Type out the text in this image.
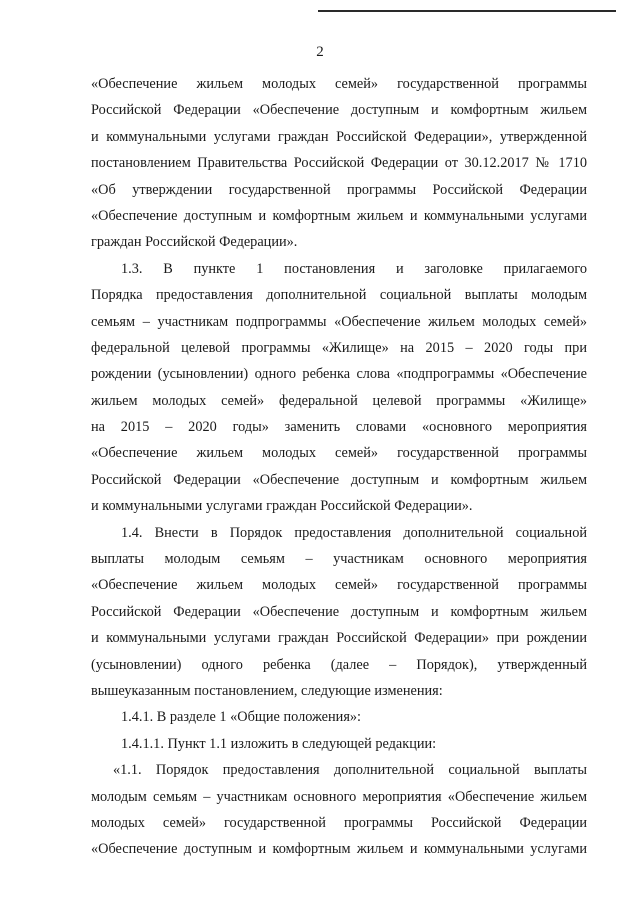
2
«Обеспечение жильем молодых семей» государственной программы
Российской Федерации «Обеспечение доступным и комфортным жильем
и коммунальными услугами граждан Российской Федерации», утвержденной
постановлением Правительства Российской Федерации от 30.12.2017 № 1710
«Об утверждении государственной программы Российской Федерации
«Обеспечение доступным и комфортным жильем и коммунальными услугами
граждан Российской Федерации».
1.3. В пункте 1 постановления и заголовке прилагаемого
Порядка предоставления дополнительной социальной выплаты молодым
семьям – участникам подпрограммы «Обеспечение жильем молодых семей»
федеральной целевой программы «Жилище» на 2015 – 2020 годы при
рождении (усыновлении) одного ребенка слова «подпрограммы «Обеспечение
жильем молодых семей» федеральной целевой программы «Жилище»
на 2015 – 2020 годы» заменить словами «основного мероприятия
«Обеспечение жильем молодых семей» государственной программы
Российской Федерации «Обеспечение доступным и комфортным жильем
и коммунальными услугами граждан Российской Федерации».
1.4. Внести в Порядок предоставления дополнительной социальной
выплаты молодым семьям – участникам основного мероприятия
«Обеспечение жильем молодых семей» государственной программы
Российской Федерации «Обеспечение доступным и комфортным жильем
и коммунальными услугами граждан Российской Федерации» при рождении
(усыновлении) одного ребенка (далее – Порядок), утвержденный
вышеуказанным постановлением, следующие изменения:
1.4.1. В разделе 1 «Общие положения»:
1.4.1.1. Пункт 1.1 изложить в следующей редакции:
«1.1. Порядок предоставления дополнительной социальной выплаты
молодым семьям – участникам основного мероприятия «Обеспечение жильем
молодых семей» государственной программы Российской Федерации
«Обеспечение доступным и комфортным жильем и коммунальными услугами
